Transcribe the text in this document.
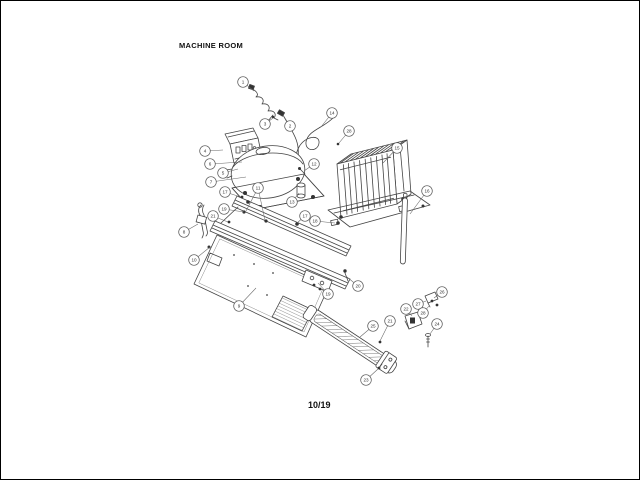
MACHINE ROOM
1
3	2
14
4
6
5
7
12
28
15
16
11
13
17
19
21	17
18
8
10
9
19
20
26
27
22
28
24
25
21
23
10/19
